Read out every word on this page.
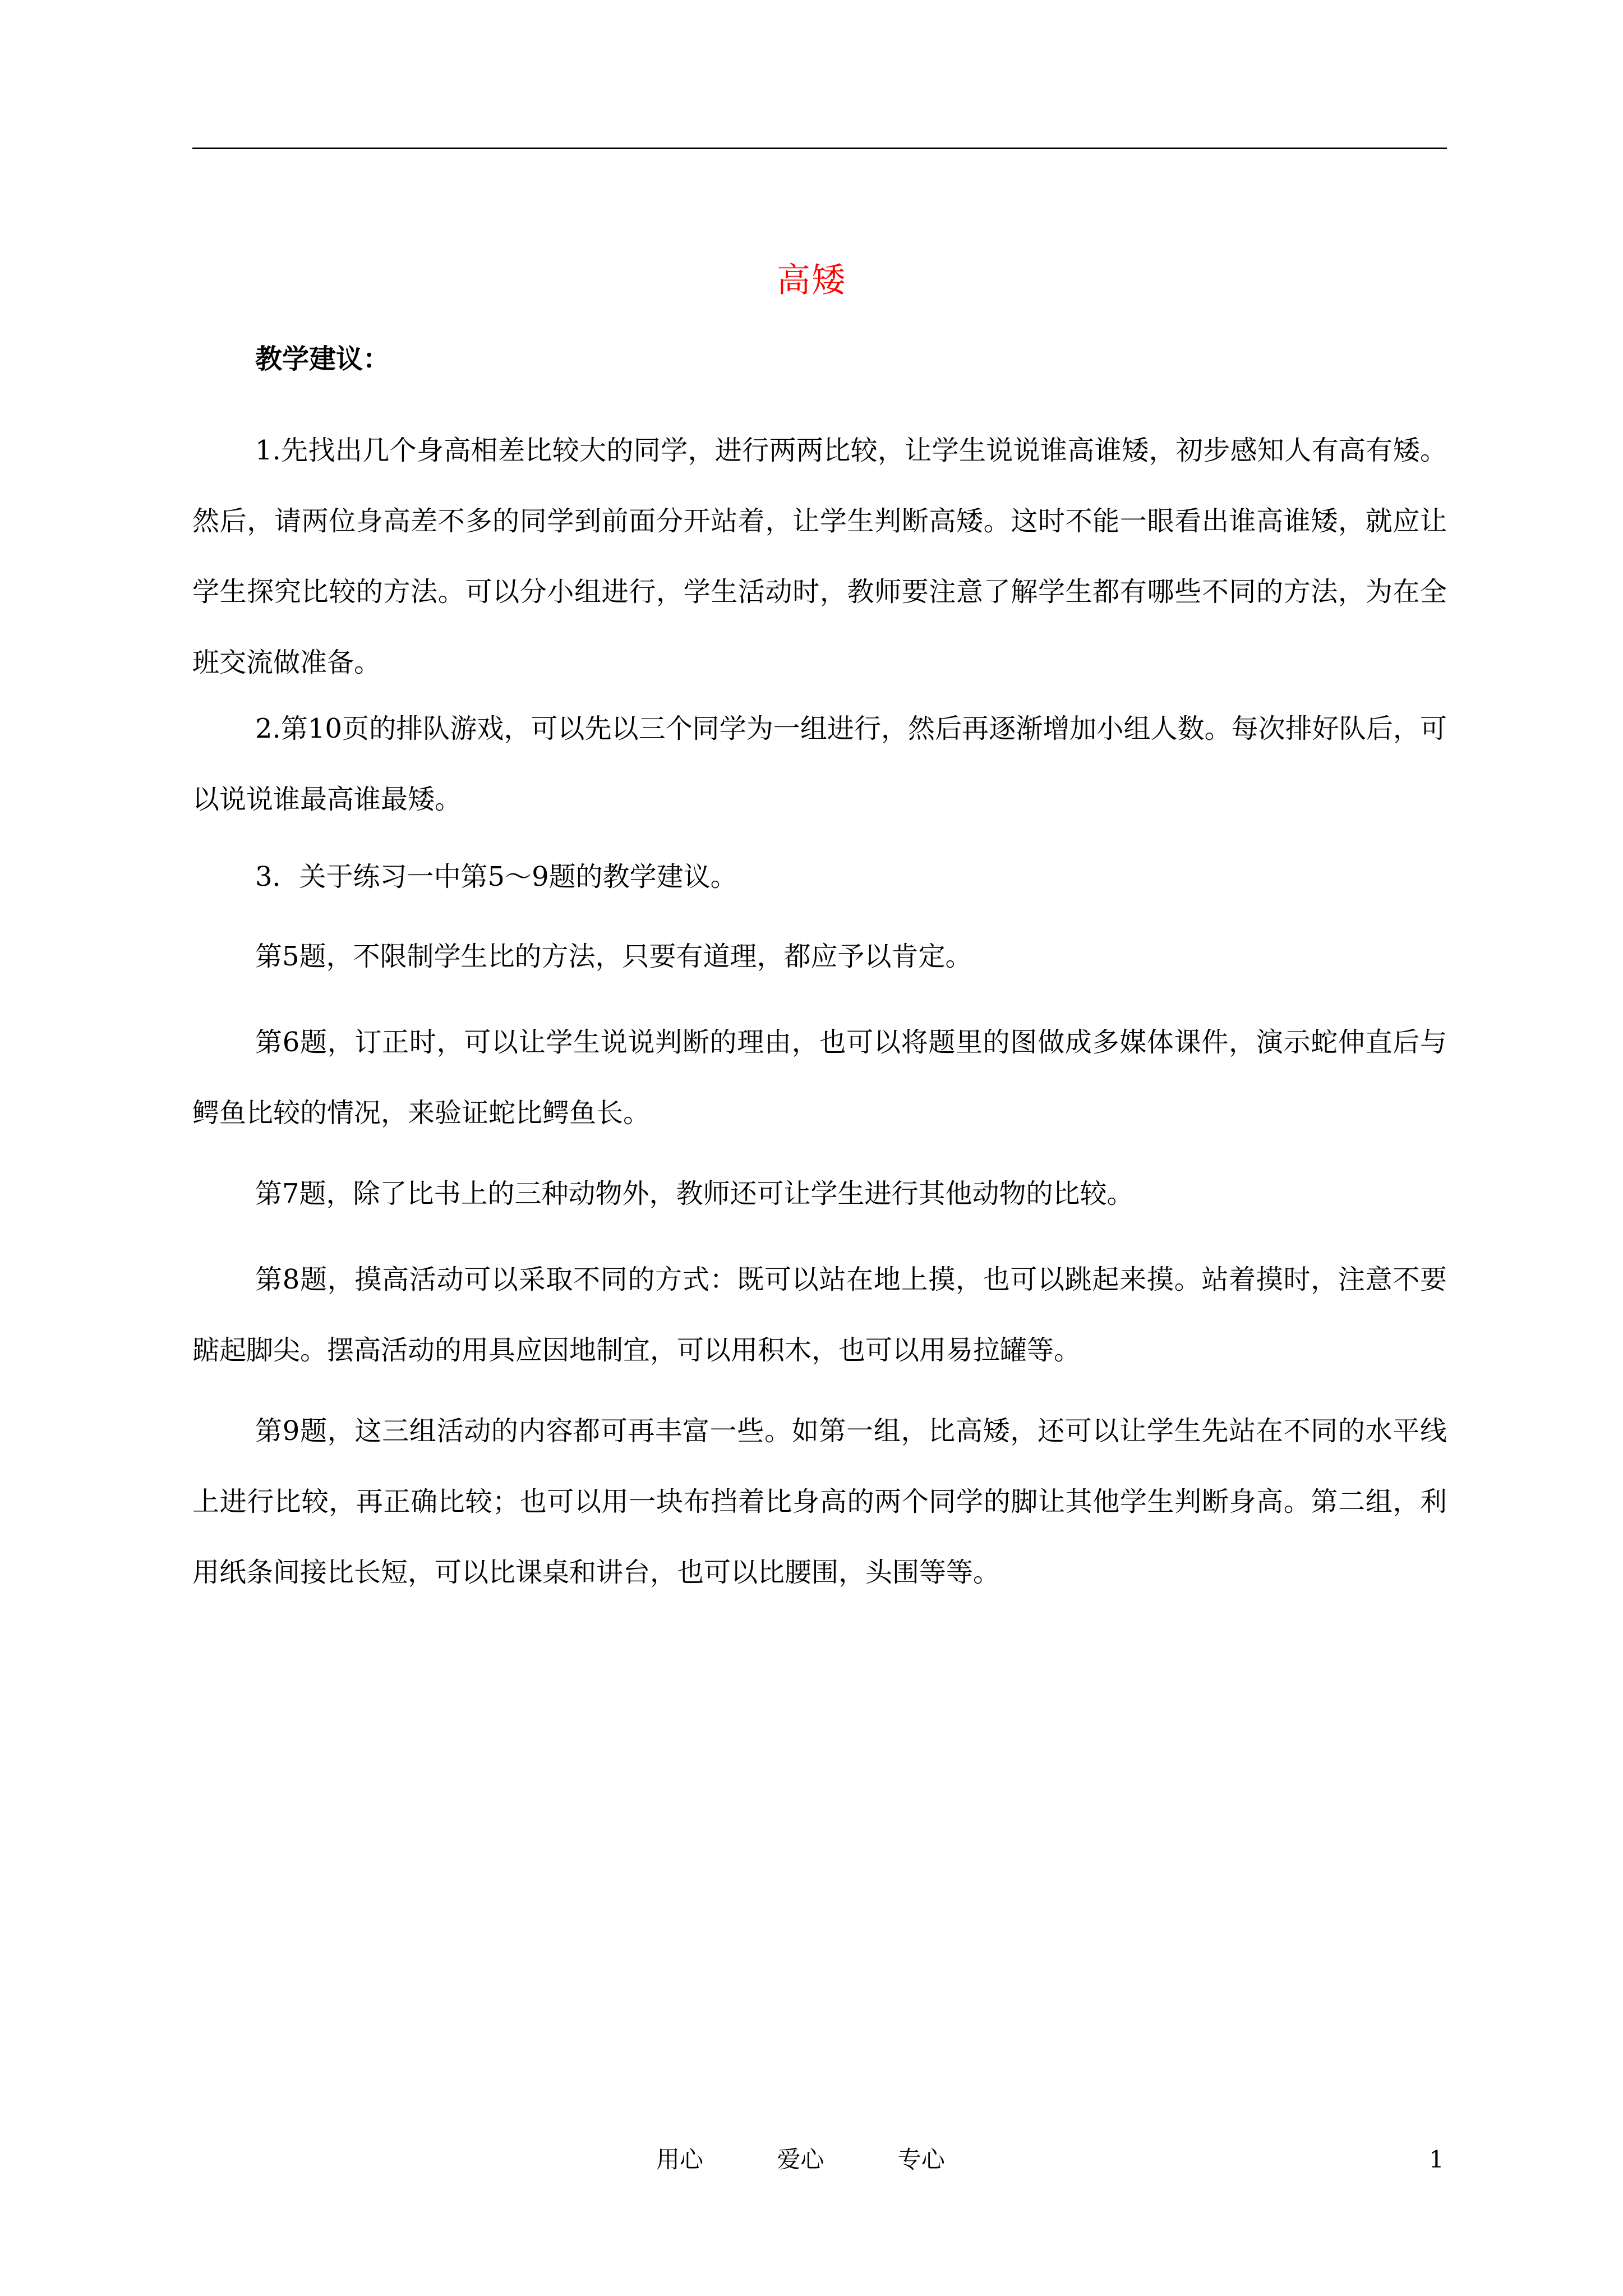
高矮
教学建议：

1.先找出几个身高相差比较大的同学，进行两两比较，让学生说说谁高谁矮，初步感知人有高有矮。然后，请两位身高差不多的同学到前面分开站着，让学生判断高矮。这时不能一眼看出谁高谁矮，就应让学生探究比较的方法。可以分小组进行，学生活动时，教师要注意了解学生都有哪些不同的方法，为在全班交流做准备。

2.第10页的排队游戏，可以先以三个同学为一组进行，然后再逐渐增加小组人数。每次排好队后，可以说说谁最高谁最矮。

3．关于练习一中第5～9题的教学建议。

第5题，不限制学生比的方法，只要有道理，都应予以肯定。

第6题，订正时，可以让学生说说判断的理由，也可以将题里的图做成多媒体课件，演示蛇伸直后与鳄鱼比较的情况，来验证蛇比鳄鱼长。

第7题，除了比书上的三种动物外，教师还可让学生进行其他动物的比较。

第8题，摸高活动可以采取不同的方式：既可以站在地上摸，也可以跳起来摸。站着摸时，注意不要踮起脚尖。摆高活动的用具应因地制宜，可以用积木，也可以用易拉罐等。

第9题，这三组活动的内容都可再丰富一些。如第一组，比高矮，还可以让学生先站在不同的水平线上进行比较，再正确比较；也可以用一块布挡着比身高的两个同学的脚让其他学生判断身高。第二组，利用纸条间接比长短，可以比课桌和讲台，也可以比腰围，头围等等。

用心	爱心	专心	1
